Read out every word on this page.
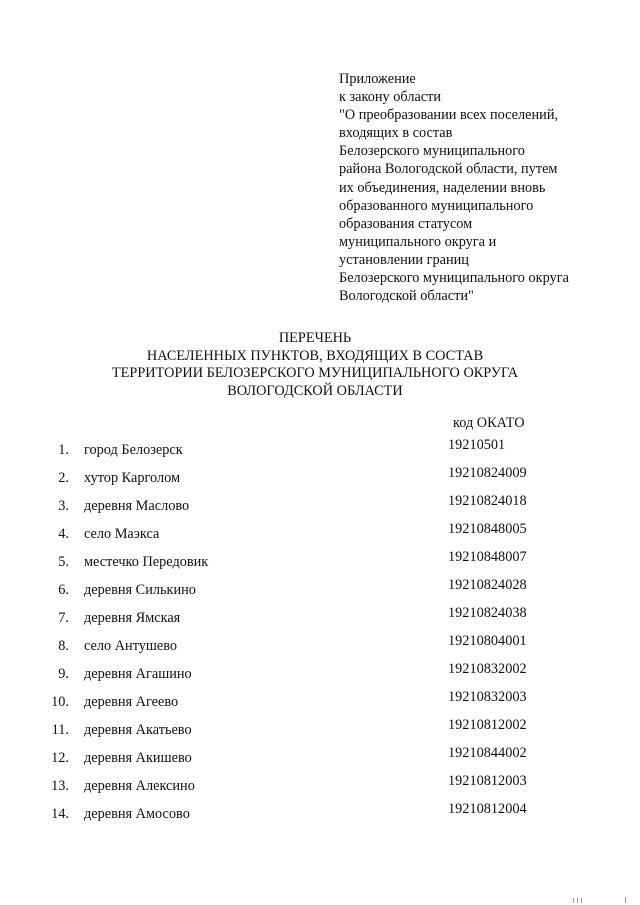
Приложение
к закону области
"О преобразовании всех поселений,
входящих в состав
Белозерского муниципального
района Вологодской области, путем
их объединения, наделении вновь
образованного муниципального
образования статусом
муниципального округа и
установлении границ
Белозерского муниципального округа
Вологодской области"
ПЕРЕЧЕНЬ
НАСЕЛЕННЫХ ПУНКТОВ, ВХОДЯЩИХ В СОСТАВ
ТЕРРИТОРИИ БЕЛОЗЕРСКОГО МУНИЦИПАЛЬНОГО ОКРУГА
ВОЛОГОДСКОЙ ОБЛАСТИ
код ОКАТО
1. город Белозерск	19210501
2. хутор Карголом	19210824009
3. деревня Маслово	19210824018
4. село Маэкса	19210848005
5. местечко Передовик	19210848007
6. деревня Силькино	19210824028
7. деревня Ямская	19210824038
8. село Антушево	19210804001
9. деревня Агашино	19210832002
10. деревня Агеево	19210832003
11. деревня Акатьево	19210812002
12. деревня Акишево	19210844002
13. деревня Алексино	19210812003
14. деревня Амосово	19210812004
